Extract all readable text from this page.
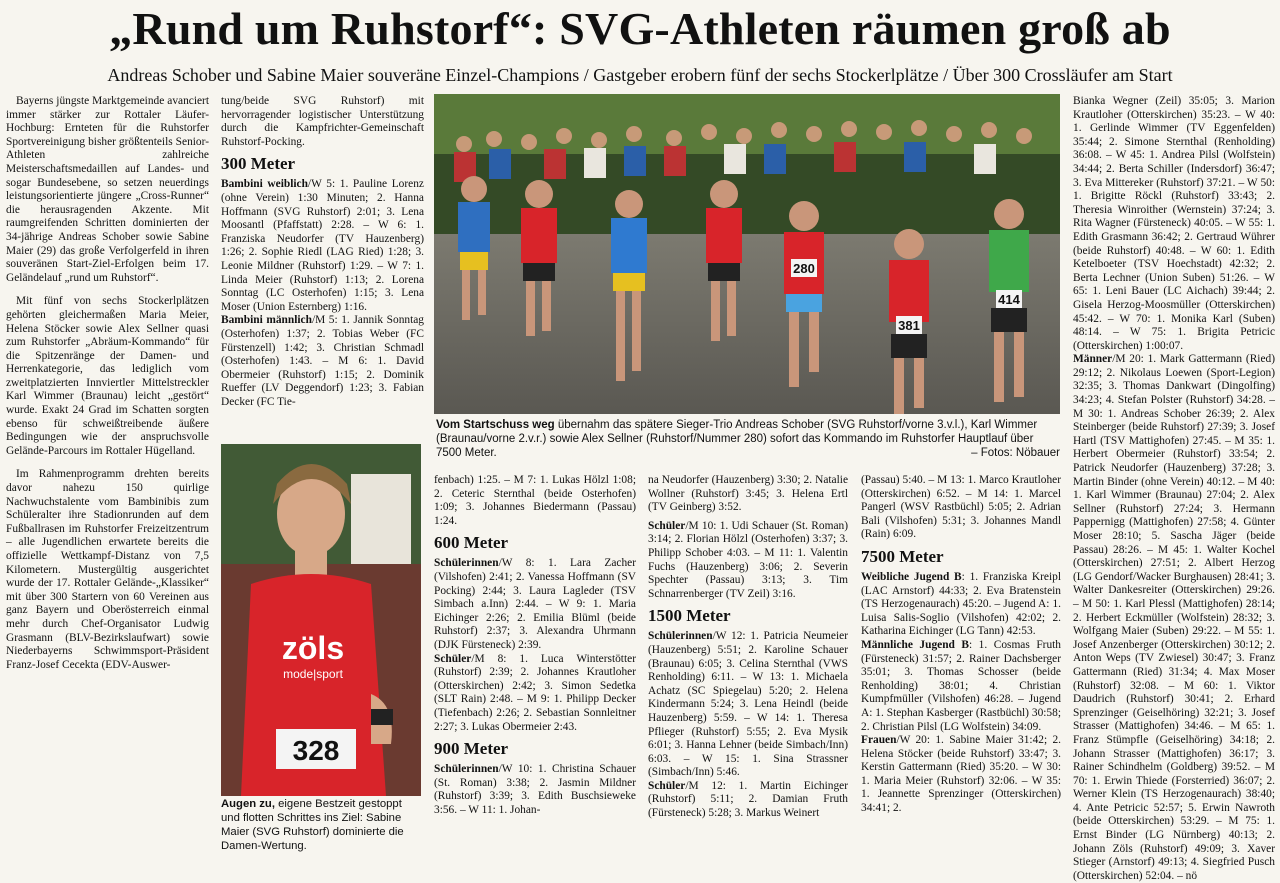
„Rund um Ruhstorf“: SVG-Athleten räumen groß ab
Andreas Schober und Sabine Maier souveräne Einzel-Champions / Gastgeber erobern fünf der sechs Stockerlplätze / Über 300 Crossläufer am Start

Bayerns jüngste Marktgemeinde avanciert immer stärker zur Rottaler Läufer-Hochburg: Ernteten für die Ruhstorfer Sportvereinigung bisher größtenteils Senior-Athleten zahlreiche Meisterschaftsmedaillen auf Landes- und sogar Bundesebene, so setzen neuerdings leistungsorientierte jüngere „Cross-Runner“ die herausragenden Akzente. Mit raumgreifenden Schritten dominierten der 34-jährige Andreas Schober sowie Sabine Maier (29) das große Verfolgerfeld in ihren souveränen Start-Ziel-Erfolgen beim 17. Geländelauf „rund um Ruhstorf“.

Mit fünf von sechs Stockerlplätzen gehörten gleichermaßen Maria Meier, Helena Stöcker sowie Alex Sellner quasi zum Ruhstorfer „Abräum-Kommando“ für die Spitzenränge der Damen- und Herrenkategorie, das lediglich vom zweitplatzierten Innviertler Mittelstreckler Karl Wimmer (Braunau) leicht „gestört“ wurde. Exakt 24 Grad im Schatten sorgten ebenso für schweißtreibende äußere Bedingungen wie der anspruchsvolle Gelände-Parcours im Rottaler Hügelland.

Im Rahmenprogramm drehten bereits davor nahezu 150 quirlige Nachwuchstalente vom Bambinibis zum Schüleralter ihre Stadionrunden auf dem Fußballrasen im Ruhstorfer Freizeitzentrum – alle Jugendlichen erwartete bereits die offizielle Wettkampf-Distanz von 7,5 Kilometern. Mustergültig ausgerichtet wurde der 17. Rottaler Gelände-„Klassiker“ mit über 300 Startern von 60 Vereinen aus ganz Bayern und Oberösterreich einmal mehr durch Chef-Organisator Ludwig Grasmann (BLV-Bezirkslaufwart) sowie Niederbayerns Schwimmsport-Präsident Franz-Josef Cecekta (EDV-Auswer-

tung/beide SVG Ruhstorf) mit hervorragender logistischer Unterstützung durch die Kampfrichter-Gemeinschaft Ruhstorf-Pocking.

300 Meter

Bambini weiblich/W 5: 1. Pauline Lorenz (ohne Verein) 1:30 Minuten; 2. Hanna Hoffmann (SVG Ruhstorf) 2:01; 3. Lena Moosantl (Pfaffstatt) 2:28. – W 6: 1. Franziska Neudorfer (TV Hauzenberg) 1:26; 2. Sophie Riedl (LAG Ried) 1:28; 3. Leonie Mildner (Ruhstorf) 1:29. – W 7: 1. Linda Meier (Ruhstorf) 1:13; 2. Lorena Sonntag (LC Osterhofen) 1:15; 3. Lena Moser (Union Esternberg) 1:16.

Bambini männlich/M 5: 1. Jannik Sonntag (Osterhofen) 1:37; 2. Tobias Weber (FC Fürstenzell) 1:42; 3. Christian Schmadl (Osterhofen) 1:43. – M 6: 1. David Obermeier (Ruhstorf) 1:15; 2. Dominik Rueffer (LV Deggendorf) 1:23; 3. Fabian Decker (FC Tie-

280
381
414
Vom Startschuss weg übernahm das spätere Sieger-Trio Andreas Schober (SVG Ruhstorf/vorne 3.v.l.), Karl Wimmer (Braunau/vorne 2.v.r.) sowie Alex Sellner (Ruhstorf/Nummer 280) sofort das Kommando im Ruhstorfer Hauptlauf über 7500 Meter.	– Fotos: Nöbauer
zöls
mode|sport
328
Augen zu, eigene Bestzeit gestoppt und flotten Schrittes ins Ziel: Sabine Maier (SVG Ruhstorf) dominierte die Damen-Wertung.

fenbach) 1:25. – M 7: 1. Lukas Hölzl 1:08; 2. Ceteric Sternthal (beide Osterhofen) 1:09; 3. Johannes Biedermann (Passau) 1:24.

600 Meter

Schülerinnen/W 8: 1. Lara Zacher (Vilshofen) 2:41; 2. Vanessa Hoffmann (SV Pocking) 2:44; 3. Laura Lagleder (TSV Simbach a.Inn) 2:44. – W 9: 1. Maria Eichinger 2:26; 2. Emilia Blüml (beide Ruhstorf) 2:37; 3. Alexandra Uhrmann (DJK Fürsteneck) 2:39.

Schüler/M 8: 1. Luca Winterstötter (Ruhstorf) 2:39; 2. Johannes Krautloher (Otterskirchen) 2:42; 3. Simon Sedetka (SLT Rain) 2:48. – M 9: 1. Philipp Decker (Tiefenbach) 2:26; 2. Sebastian Sonnleitner 2:27; 3. Lukas Obermeier 2:43.

900 Meter

Schülerinnen/W 10: 1. Christina Schauer (St. Roman) 3:38; 2. Jasmin Mildner (Ruhstorf) 3:39; 3. Edith Buschsieweke 3:56. – W 11: 1. Johan-

na Neudorfer (Hauzenberg) 3:30; 2. Natalie Wollner (Ruhstorf) 3:45; 3. Helena Ertl (TV Geinberg) 3:52.

Schüler/M 10: 1. Udi Schauer (St. Roman) 3:14; 2. Florian Hölzl (Osterhofen) 3:37; 3. Philipp Schober 4:03. – M 11: 1. Valentin Fuchs (Hauzenberg) 3:06; 2. Severin Spechter (Passau) 3:13; 3. Tim Schnarrenberger (TV Zeil) 3:16.

1500 Meter

Schülerinnen/W 12: 1. Patricia Neumeier (Hauzenberg) 5:51; 2. Karoline Schauer (Braunau) 6:05; 3. Celina Sternthal (VWS Renholding) 6:11. – W 13: 1. Michaela Achatz (SC Spiegelau) 5:20; 2. Helena Kindermann 5:24; 3. Lena Heindl (beide Hauzenberg) 5:59. – W 14: 1. Theresa Pflieger (Ruhstorf) 5:55; 2. Eva Mysik 6:01; 3. Hanna Lehner (beide Simbach/Inn) 6:03. – W 15: 1. Sina Strassner (Simbach/Inn) 5:46.

Schüler/M 12: 1. Martin Eichinger (Ruhstorf) 5:11; 2. Damian Fruth (Fürsteneck) 5:28; 3. Markus Weinert

(Passau) 5:40. – M 13: 1. Marco Krautloher (Otterskirchen) 6:52. – M 14: 1. Marcel Pangerl (WSV Rastbüchl) 5:05; 2. Adrian Bali (Vilshofen) 5:31; 3. Johannes Mandl (Rain) 6:09.

7500 Meter

Weibliche Jugend B: 1. Franziska Kreipl (LAC Arnstorf) 44:33; 2. Eva Bratenstein (TS Herzogenaurach) 45:20. – Jugend A: 1. Luisa Salis-Soglio (Vilshofen) 42:02; 2. Katharina Eichinger (LG Tann) 42:53.

Männliche Jugend B: 1. Cosmas Fruth (Fürsteneck) 31:57; 2. Rainer Dachsberger 35:01; 3. Thomas Schosser (beide Renholding) 38:01; 4. Christian Kumpfmüller (Vilshofen) 46:28. – Jugend A: 1. Stephan Kasberger (Rastbüchl) 30:58; 2. Christian Pilsl (LG Wolfstein) 34:09.

Frauen/W 20: 1. Sabine Maier 31:42; 2. Helena Stöcker (beide Ruhstorf) 33:47; 3. Kerstin Gattermann (Ried) 35:20. – W 30: 1. Maria Meier (Ruhstorf) 32:06. – W 35: 1. Jeannette Sprenzinger (Otterskirchen) 34:41; 2.

Bianka Wegner (Zeil) 35:05; 3. Marion Krautloher (Otterskirchen) 35:23. – W 40: 1. Gerlinde Wimmer (TV Eggenfelden) 35:44; 2. Simone Sternthal (Renholding) 36:08. – W 45: 1. Andrea Pilsl (Wolfstein) 34:44; 2. Berta Schiller (Indersdorf) 36:47; 3. Eva Mittereker (Ruhstorf) 37:21. – W 50: 1. Brigitte Röckl (Ruhstorf) 33:43; 2. Theresia Winroither (Wernstein) 37:24; 3. Rita Wagner (Fürsteneck) 40:05. – W 55: 1. Edith Grasmann 36:42; 2. Gertraud Wührer (beide Ruhstorf) 40:48. – W 60: 1. Edith Ketelboeter (TSV Hoechstadt) 42:32; 2. Berta Lechner (Union Suben) 51:26. – W 65: 1. Leni Bauer (LC Aichach) 39:44; 2. Gisela Herzog-Moosmüller (Otterskirchen) 45:42. – W 70: 1. Monika Karl (Suben) 48:14. – W 75: 1. Brigita Petricic (Otterskirchen) 1:00:07.

Männer/M 20: 1. Mark Gattermann (Ried) 29:12; 2. Nikolaus Loewen (Sport-Legion) 32:35; 3. Thomas Dankwart (Dingolfing) 34:23; 4. Stefan Polster (Ruhstorf) 34:28. – M 30: 1. Andreas Schober 26:39; 2. Alex Steinberger (beide Ruhstorf) 27:39; 3. Josef Hartl (TSV Mattighofen) 27:45. – M 35: 1. Herbert Obermeier (Ruhstorf) 33:54; 2. Patrick Neudorfer (Hauzenberg) 37:28; 3. Martin Binder (ohne Verein) 40:12. – M 40: 1. Karl Wimmer (Braunau) 27:04; 2. Alex Sellner (Ruhstorf) 27:24; 3. Hermann Pappernigg (Mattighofen) 27:58; 4. Günter Moser 28:10; 5. Sascha Jäger (beide Passau) 28:26. – M 45: 1. Walter Kochel (Otterskirchen) 27:51; 2. Albert Herzog (LG Gendorf/Wacker Burghausen) 28:41; 3. Walter Dankesreiter (Otterskirchen) 29:26. – M 50: 1. Karl Plessl (Mattighofen) 28:14; 2. Herbert Eckmüller (Wolfstein) 28:32; 3. Wolfgang Maier (Suben) 29:22. – M 55: 1. Josef Anzenberger (Otterskirchen) 30:12; 2. Anton Weps (TV Zwiesel) 30:47; 3. Franz Gattermann (Ried) 31:34; 4. Max Moser (Ruhstorf) 32:08. – M 60: 1. Viktor Daudrich (Ruhstorf) 30:41; 2. Erhard Sprenzinger (Geiselhöring) 32:21; 3. Josef Strasser (Mattighofen) 34:46. – M 65: 1. Franz Stümpfle (Geiselhöring) 34:18; 2. Johann Strasser (Mattighofen) 36:17; 3. Rainer Schindhelm (Goldberg) 39:52. – M 70: 1. Erwin Thiede (Forsterried) 36:07; 2. Werner Klein (TS Herzogenaurach) 38:40; 4. Ante Petricic 52:57; 5. Erwin Nawroth (beide Otterskirchen) 53:29. – M 75: 1. Ernst Binder (LG Nürnberg) 40:13; 2. Johann Zöls (Ruhstorf) 49:09; 3. Xaver Stieger (Arnstorf) 49:13; 4. Siegfried Pusch (Otterskirchen) 52:04. – nö
